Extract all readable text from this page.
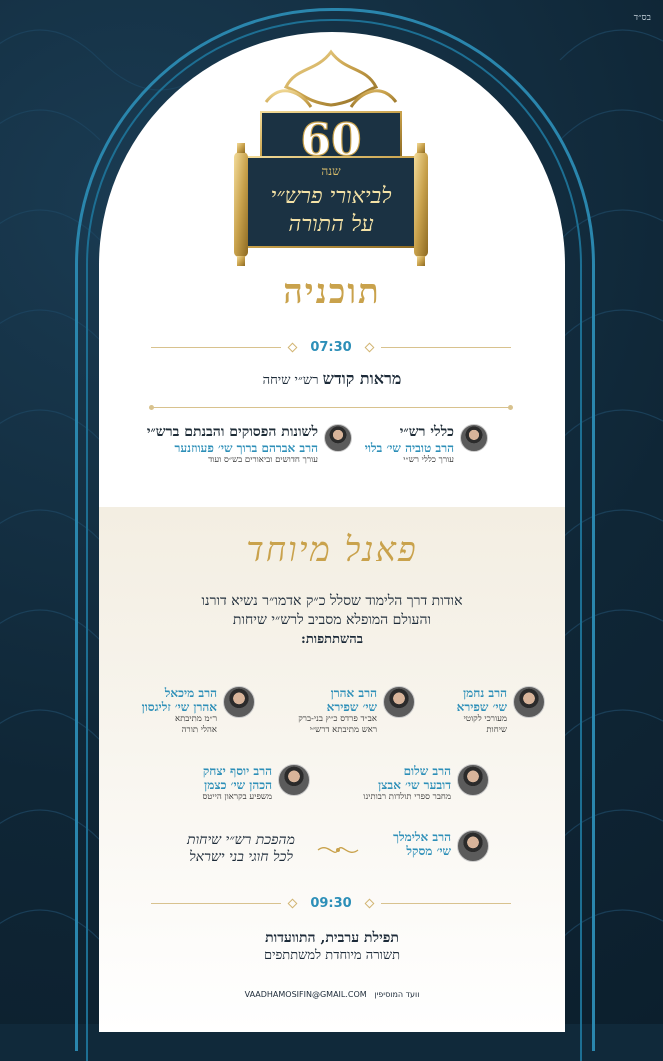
בס״ד
60
שנה
לביאורי פרש״י
על התורה
תוכניה
07:30
מראות קודש רש״י שיחה
כללי רש״י
הרב טוביה שי׳ בלוי
עורך כללי רש״י
לשונות הפסוקים והבנתם ברש״י
הרב אברהם ברוך שי׳ פעווזנער
עורך חדושים וביאורים בש״ס ועוד
פאנל מיוחד
אודות דרך הלימוד שסלל כ״ק אדמו״ר נשיא דורנו
והעולם המופלא מסביב לרש״י שיחות
בהשתתפות:
הרב נחמן
שי׳ שפירא
מעורכי לקוטי
שיחות
הרב אהרן
שי׳ שפירא
אב״ד פרדס כ״ץ בני-ברק
ראש מתיבתא דרש״י
הרב מיכאל
אהרן שי׳ זליגסון
ר״מ מתיבתא
אהלי תורה
הרב שלום
דובער שי׳ אבצן
מחבר ספרי תולדות רבותינו
הרב יוסף יצחק
הכהן שי׳ כצמן
משפיע בקראון הייטס
הרב אלימלך
שי׳ מסקל
מהפכת רש״י שיחות
לכל חוגי בני ישראל
09:30
תפילת ערבית, התוועדות
תשורה מיוחדת למשתתפים
וועד המוסיפין   VAADHAMOSIFIN@GMAIL.COM
